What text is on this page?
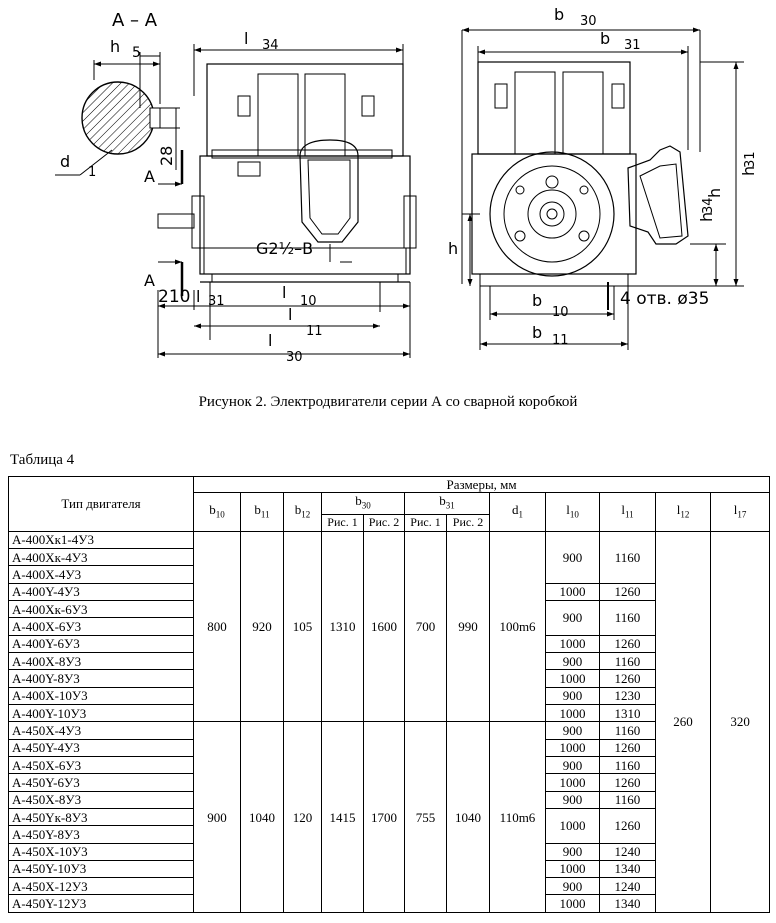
A – A
h 5
d
1
28
A
A
l 34
G2½–B
210 l 31	l 10
l
11
l
30
b 30
b 31
h
31
h
34
h
h
b
10
b 11
4 отв. ø35
Рисунок 2. Электродвигатели серии А со сварной коробкой
Таблица 4
Тип двигателя	Размеры, мм											
	$b_{10}$	$b_{11}$	$b_{12}$	$b_{30}$		$b_{31}$		$d_1$	$l_{10}$	$l_{11}$	$l_{12}$	$l_{17}$
				Рис. 1	Рис. 2	Рис. 1	Рис. 2					
А-400Хк1-4У3	800	920	105	1310	1600	700	990	100m6	900	1160	260	320
А-400Хк-4У3												
А-400Х-4У3												
А-400Y-4У3									1000	1260		
А-400Хк-6У3									900	1160		
А-400Х-6У3												
А-400Y-6У3									1000	1260		
А-400Х-8У3									900	1160		
А-400Y-8У3									1000	1260		
А-400Х-10У3									900	1230		
А-400Y-10У3									1000	1310		
А-450Х-4У3	900	1040	120	1415	1700	755	1040	110m6	900	1160		
А-450Y-4У3									1000	1260		
А-450Х-6У3									900	1160		
А-450Y-6У3									1000	1260		
А-450Х-8У3									900	1160		
А-450Yк-8У3									1000	1260		
А-450Y-8У3												
А-450Х-10У3									900	1240		
А-450Y-10У3									1000	1340		
А-450Х-12У3									900	1240		
А-450Y-12У3									1000	1340		
